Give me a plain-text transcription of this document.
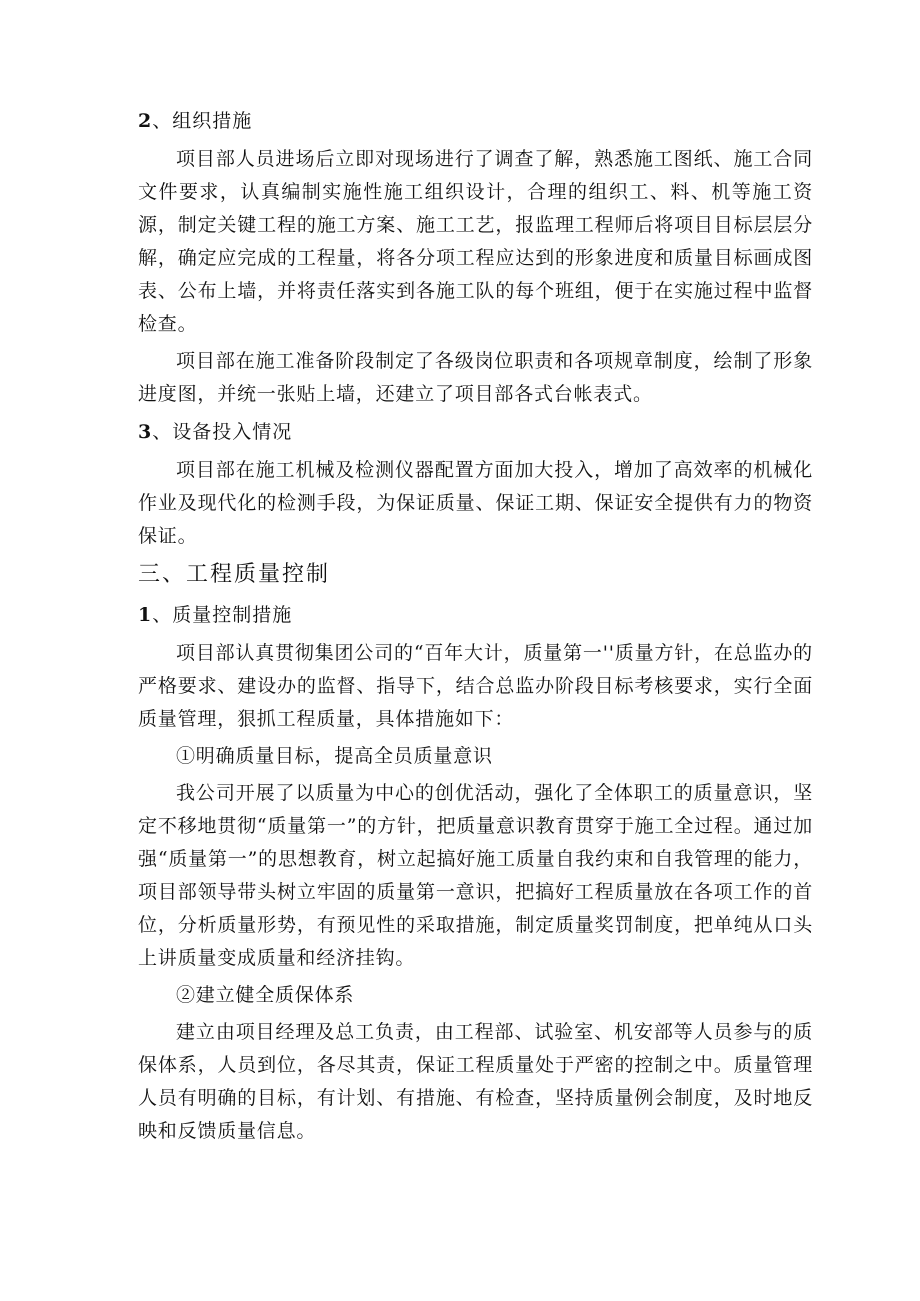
2、组织措施

项目部人员进场后立即对现场进行了调查了解，熟悉施工图纸、施工合同文件要求，认真编制实施性施工组织设计，合理的组织工、料、机等施工资源，制定关键工程的施工方案、施工工艺，报监理工程师后将项目目标层层分解，确定应完成的工程量，将各分项工程应达到的形象进度和质量目标画成图表、公布上墙，并将责任落实到各施工队的每个班组，便于在实施过程中监督检查。

项目部在施工准备阶段制定了各级岗位职责和各项规章制度，绘制了形象进度图，并统一张贴上墙，还建立了项目部各式台帐表式。

3、设备投入情况

项目部在施工机械及检测仪器配置方面加大投入，增加了高效率的机械化作业及现代化的检测手段，为保证质量、保证工期、保证安全提供有力的物资保证。

三、工程质量控制
1、质量控制措施

项目部认真贯彻集团公司的“百年大计，质量第一''质量方针，在总监办的严格要求、建设办的监督、指导下，结合总监办阶段目标考核要求，实行全面质量管理，狠抓工程质量，具体措施如下：

①明确质量目标，提高全员质量意识

我公司开展了以质量为中心的创优活动，强化了全体职工的质量意识，坚定不移地贯彻“质量第一”的方针，把质量意识教育贯穿于施工全过程。通过加强“质量第一”的思想教育，树立起搞好施工质量自我约束和自我管理的能力，项目部领导带头树立牢固的质量第一意识，把搞好工程质量放在各项工作的首位，分析质量形势，有预见性的采取措施，制定质量奖罚制度，把单纯从口头上讲质量变成质量和经济挂钩。

②建立健全质保体系

建立由项目经理及总工负责，由工程部、试验室、机安部等人员参与的质保体系，人员到位，各尽其责，保证工程质量处于严密的控制之中。质量管理人员有明确的目标，有计划、有措施、有检查，坚持质量例会制度，及时地反映和反馈质量信息。
